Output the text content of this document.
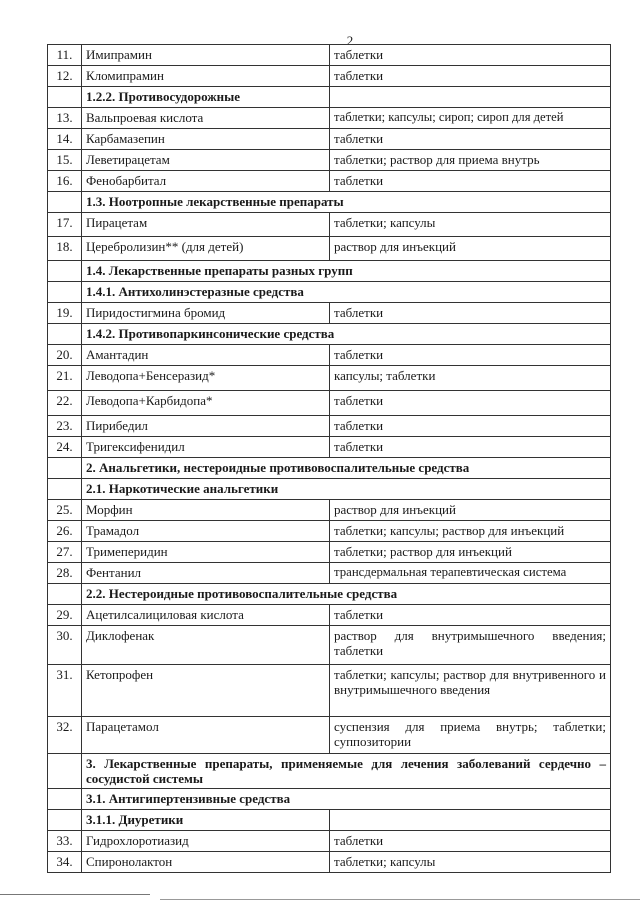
2
11.	Имипрамин	таблетки
12.	Кломипрамин	таблетки
	1.2.2. Противосудорожные	
13.	Вальпроевая кислота	таблетки; капсулы; сироп; сироп для детей
14.	Карбамазепин	таблетки
15.	Леветирацетам	таблетки; раствор для приема внутрь
16.	Фенобарбитал	таблетки
	1.3. Ноотропные лекарственные препараты	
17.	Пирацетам	таблетки; капсулы
18.	Церебролизин** (для детей)	раствор для инъекций
	1.4. Лекарственные препараты разных групп	
	1.4.1. Антихолинэстеразные средства	
19.	Пиридостигмина бромид	таблетки
	1.4.2. Противопаркинсонические средства	
20.	Амантадин	таблетки
21.	Леводопа+Бенсеразид*	капсулы; таблетки
22.	Леводопа+Карбидопа*	таблетки
23.	Пирибедил	таблетки
24.	Тригексифенидил	таблетки
	2. Анальгетики, нестероидные противовоспалительные средства	
	2.1. Наркотические анальгетики	
25.	Морфин	раствор для инъекций
26.	Трамадол	таблетки; капсулы; раствор для инъекций
27.	Тримеперидин	таблетки; раствор для инъекций
28.	Фентанил	трансдермальная терапевтическая система
	2.2. Нестероидные противовоспалительные средства	
29.	Ацетилсалициловая кислота	таблетки
30.	Диклофенак	раствор для внутримышечного введения; таблетки
31.	Кетопрофен	таблетки; капсулы; раствор для внутривенного и внутримышечного введения
32.	Парацетамол	суспензия для приема внутрь; таблетки; суппозитории
	3. Лекарственные препараты, применяемые для лечения заболеваний сердечно – сосудистой системы	
	3.1. Антигипертензивные средства	
	3.1.1. Диуретики	
33.	Гидрохлоротиазид	таблетки
34.	Спиронолактон	таблетки; капсулы
